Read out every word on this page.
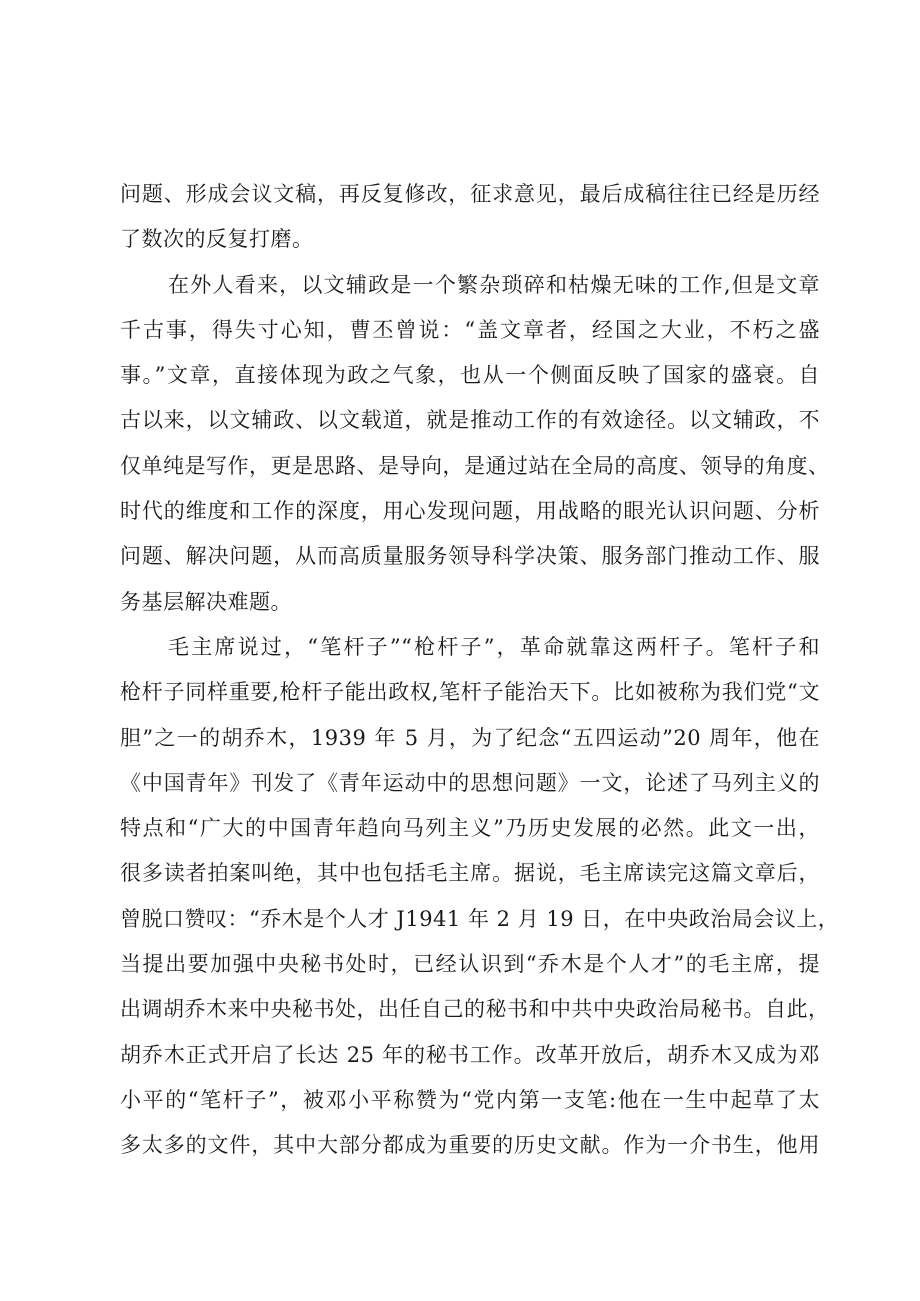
问题、形成会议文稿，再反复修改，征求意见，最后成稿往往已经是历经
了数次的反复打磨。
在外人看来，以文辅政是一个繁杂琐碎和枯燥无味的工作,但是文章
千古事，得失寸心知，曹丕曾说：“盖文章者，经国之大业，不朽之盛
事。”文章，直接体现为政之气象，也从一个侧面反映了国家的盛衰。自
古以来，以文辅政、以文载道，就是推动工作的有效途径。以文辅政，不
仅单纯是写作，更是思路、是导向，是通过站在全局的高度、领导的角度、
时代的维度和工作的深度，用心发现问题，用战略的眼光认识问题、分析
问题、解决问题，从而高质量服务领导科学决策、服务部门推动工作、服
务基层解决难题。
毛主席说过，“笔杆子”“枪杆子”，革命就靠这两杆子。笔杆子和
枪杆子同样重要,枪杆子能出政权,笔杆子能治天下。比如被称为我们党“文
胆”之一的胡乔木，1939 年 5 月，为了纪念“五四运动”20 周年，他在
《中国青年》刊发了《青年运动中的思想问题》一文，论述了马列主义的
特点和“广大的中国青年趋向马列主义”乃历史发展的必然。此文一出，
很多读者拍案叫绝，其中也包括毛主席。据说，毛主席读完这篇文章后，
曾脱口赞叹：“乔木是个人才 J1941 年 2 月 19 日，在中央政治局会议上，
当提出要加强中央秘书处时，已经认识到“乔木是个人才”的毛主席，提
出调胡乔木来中央秘书处，出任自己的秘书和中共中央政治局秘书。自此，
胡乔木正式开启了长达 25 年的秘书工作。改革开放后，胡乔木又成为邓
小平的“笔杆子”，被邓小平称赞为“党内第一支笔:他在一生中起草了太
多太多的文件，其中大部分都成为重要的历史文献。作为一介书生，他用
